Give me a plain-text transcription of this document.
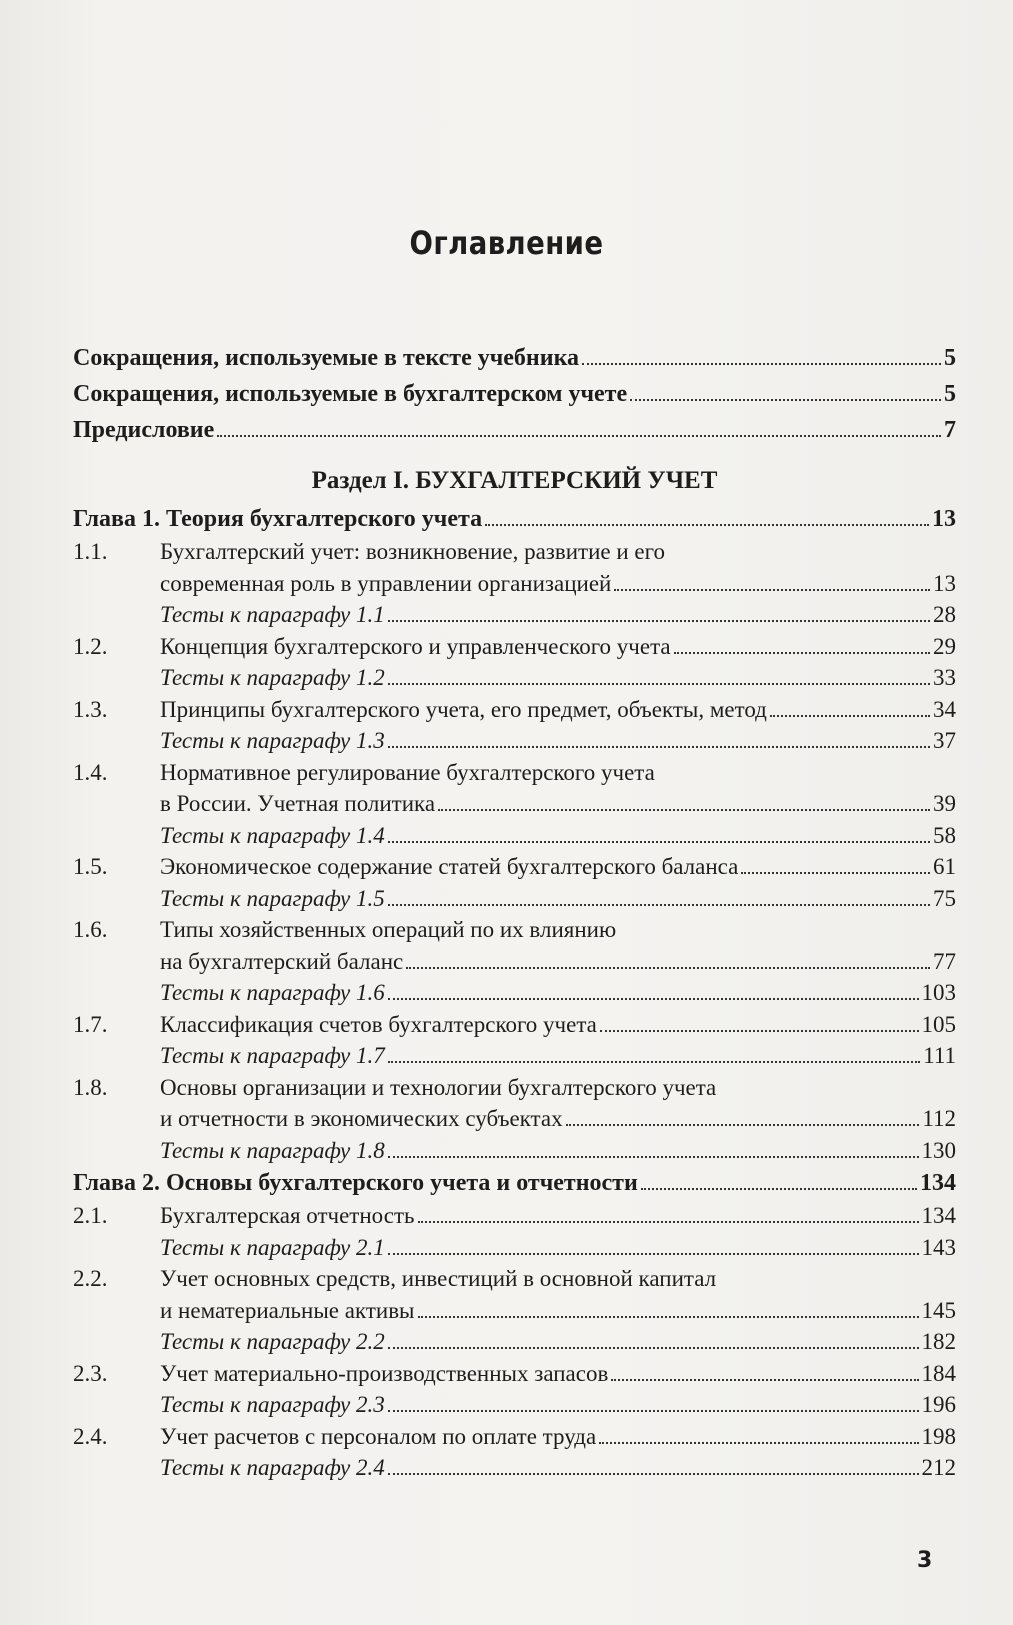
Оглавление
Сокращения, используемые в тексте учебника	5
Сокращения, используемые в бухгалтерском учете	5
Предисловие	7
Раздел I. БУХГАЛТЕРСКИЙ УЧЕТ
Глава 1. Теория бухгалтерского учета	13
1.1. Бухгалтерский учет: возникновение, развитие и его
современная роль в управлении организацией	13
Тесты к параграфу 1.1	28
1.2. Концепция бухгалтерского и управленческого учета	29
Тесты к параграфу 1.2	33
1.3. Принципы бухгалтерского учета, его предмет, объекты, метод	34
Тесты к параграфу 1.3	37
1.4. Нормативное регулирование бухгалтерского учета
в России. Учетная политика	39
Тесты к параграфу 1.4	58
1.5. Экономическое содержание статей бухгалтерского баланса	61
Тесты к параграфу 1.5	75
1.6. Типы хозяйственных операций по их влиянию
на бухгалтерский баланс	77
Тесты к параграфу 1.6	103
1.7. Классификация счетов бухгалтерского учета	105
Тесты к параграфу 1.7	111
1.8. Основы организации и технологии бухгалтерского учета
и отчетности в экономических субъектах	112
Тесты к параграфу 1.8	130
Глава 2. Основы бухгалтерского учета и отчетности	134
2.1. Бухгалтерская отчетность	134
Тесты к параграфу 2.1	143
2.2. Учет основных средств, инвестиций в основной капитал
и нематериальные активы	145
Тесты к параграфу 2.2	182
2.3. Учет материально-производственных запасов	184
Тесты к параграфу 2.3	196
2.4. Учет расчетов с персоналом по оплате труда	198
Тесты к параграфу 2.4	212
3
